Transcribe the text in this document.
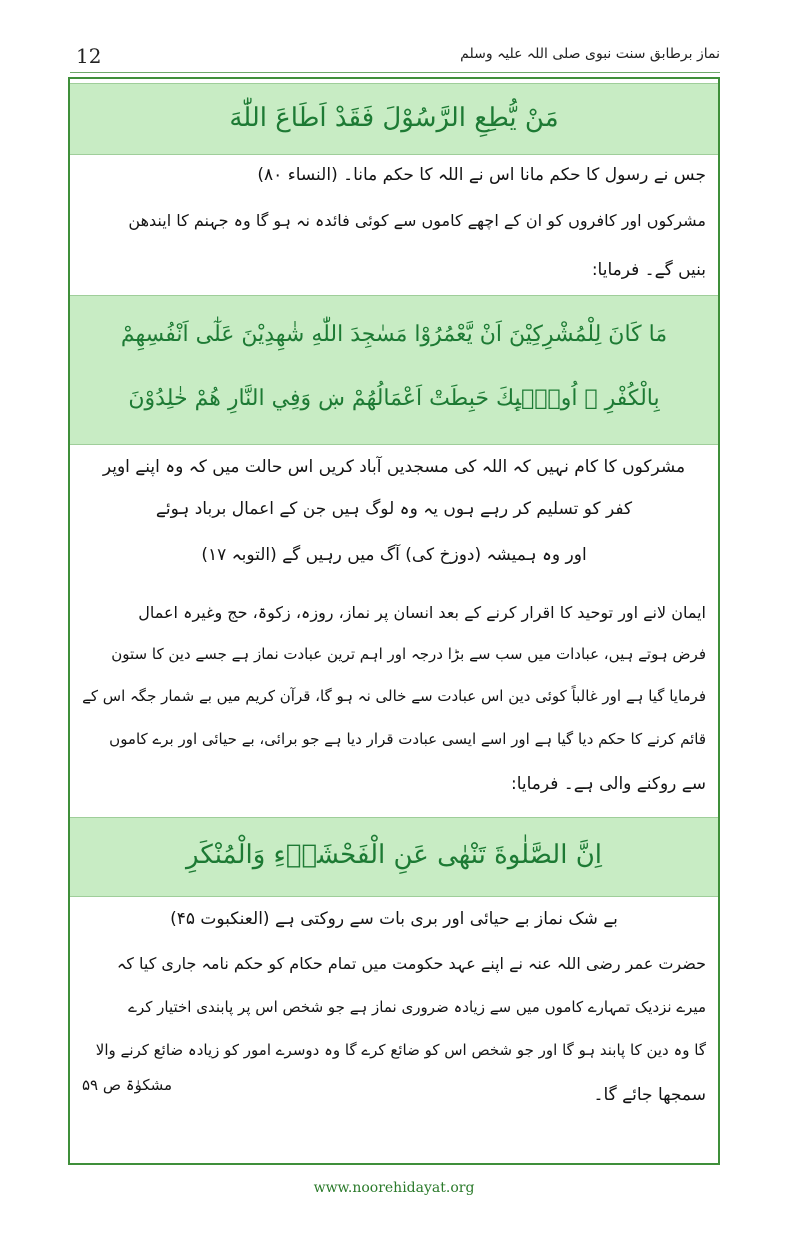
12	نماز برطابق سنت نبوی صلی اللہ علیہ وسلم
مَنْ يُّطِعِ الرَّسُوْلَ فَقَدْ اَطَاعَ اللّٰهَ
جس نے رسول کا حکم مانا اس نے اللہ کا حکم مانا۔ (النساء ۸۰)
مشرکوں اور کافروں کو ان کے اچھے کاموں سے کوئی فائدہ نہ ہو گا وہ جہنم کا ایندھن
بنیں گے۔ فرمایا:
مَا كَانَ لِلْمُشْرِكِيْنَ اَنْ يَّعْمُرُوْا مَسٰجِدَ اللّٰهِ شٰهِدِيْنَ عَلٰٓى اَنْفُسِهِمْ
بِالْكُفْرِ ۭ اُولٰۗىِٕكَ حَبِطَتْ اَعْمَالُهُمْ ښ وَفِي النَّارِ هُمْ خٰلِدُوْنَ
مشرکوں کا کام نہیں کہ اللہ کی مسجدیں آباد کریں اس حالت میں کہ وہ اپنے اوپر
کفر کو تسلیم کر رہے ہوں یہ وہ لوگ ہیں جن کے اعمال برباد ہوئے
اور وہ ہمیشہ (دوزخ کی) آگ میں رہیں گے (التوبہ ۱۷)
ایمان لانے اور توحید کا اقرار کرنے کے بعد انسان پر نماز، روزہ، زکوۃ، حج وغیرہ اعمال
فرض ہوتے ہیں، عبادات میں سب سے بڑا درجہ اور اہم ترین عبادت نماز ہے جسے دین کا ستون
فرمایا گیا ہے اور غالباً کوئی دین اس عبادت سے خالی نہ ہو گا، قرآن کریم میں بے شمار جگہ اس کے
قائم کرنے کا حکم دیا گیا ہے اور اسے ایسی عبادت قرار دیا ہے جو برائی، بے حیائی اور برے کاموں
سے روکنے والی ہے۔ فرمایا:
اِنَّ الصَّلٰوةَ تَنْهٰى عَنِ الْفَحْشَاۗءِ وَالْمُنْكَرِ
بے شک نماز بے حیائی اور بری بات سے روکتی ہے (العنکبوت ۴۵)
حضرت عمر رضی اللہ عنہ نے اپنے عہد حکومت میں تمام حکام کو حکم نامہ جاری کیا کہ
میرے نزدیک تمہارے کاموں میں سے زیادہ ضروری نماز ہے جو شخص اس پر پابندی اختیار کرے
گا وہ دین کا پابند ہو گا اور جو شخص اس کو ضائع کرے گا وہ دوسرے امور کو زیادہ ضائع کرنے والا
سمجھا جائے گا۔
مشکوٰۃ ص ۵۹
www.noorehidayat.org
